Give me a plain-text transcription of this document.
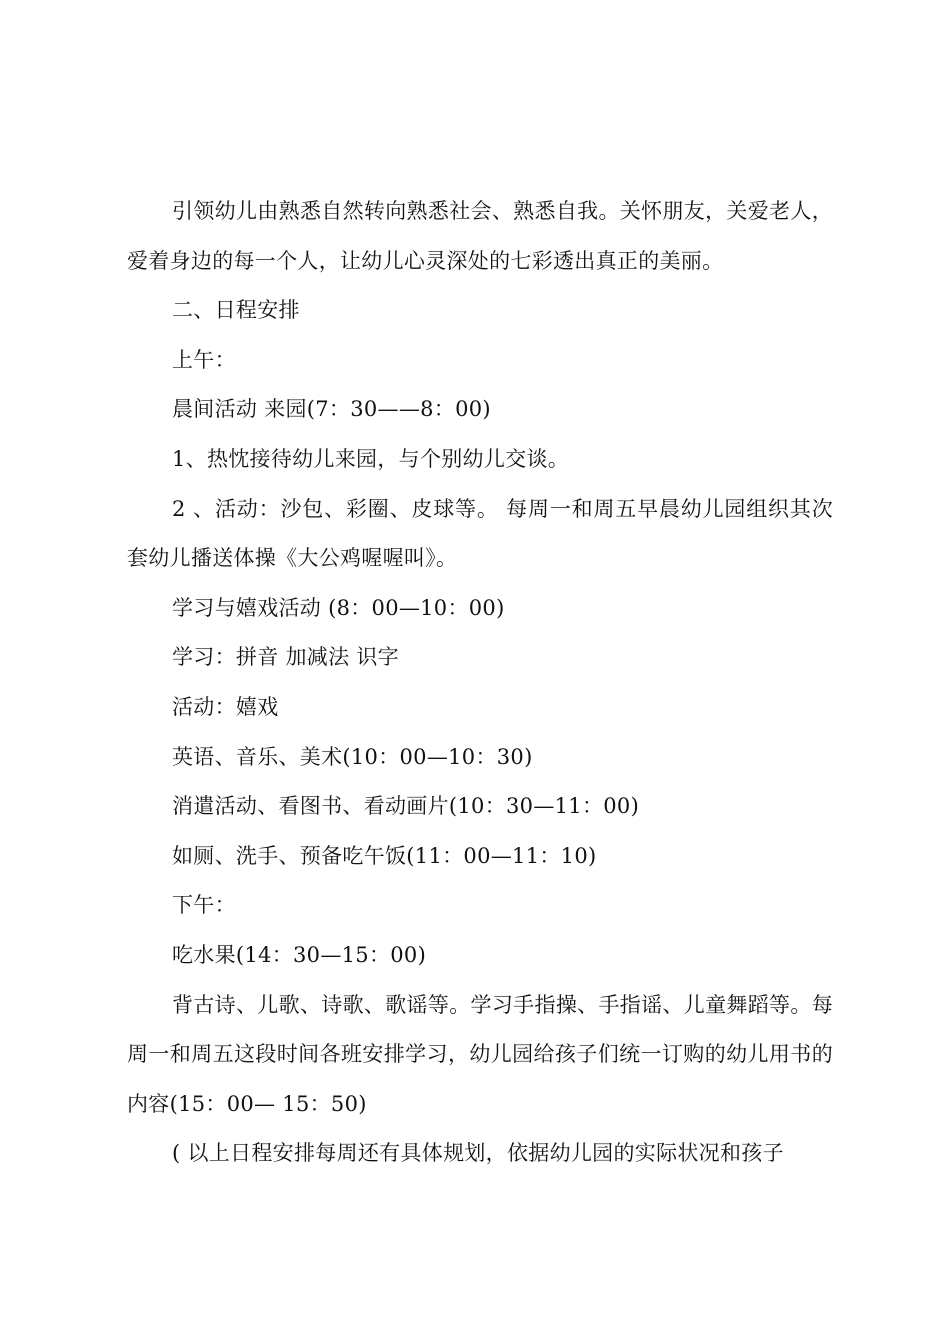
引领幼儿由熟悉自然转向熟悉社会、熟悉自我。关怀朋友，关爱老人，爱着身边的每一个人，让幼儿心灵深处的七彩透出真正的美丽。

二、日程安排

上午：

晨间活动 来园(7：30——8：00)

1、热忱接待幼儿来园，与个别幼儿交谈。

2 、活动：沙包、彩圈、皮球等。 每周一和周五早晨幼儿园组织其次套幼儿播送体操《大公鸡喔喔叫》。

学习与嬉戏活动 (8：00—10：00)

学习：拼音 加减法 识字

活动：嬉戏

英语、音乐、美术(10：00—10：30)

消遣活动、看图书、看动画片(10：30—11：00)

如厕、洗手、预备吃午饭(11：00—11：10)

下午：

吃水果(14：30—15：00)

背古诗、儿歌、诗歌、歌谣等。学习手指操、手指谣、儿童舞蹈等。每周一和周五这段时间各班安排学习，幼儿园给孩子们统一订购的幼儿用书的内容(15：00— 15：50)

( 以上日程安排每周还有具体规划，依据幼儿园的实际状况和孩子
